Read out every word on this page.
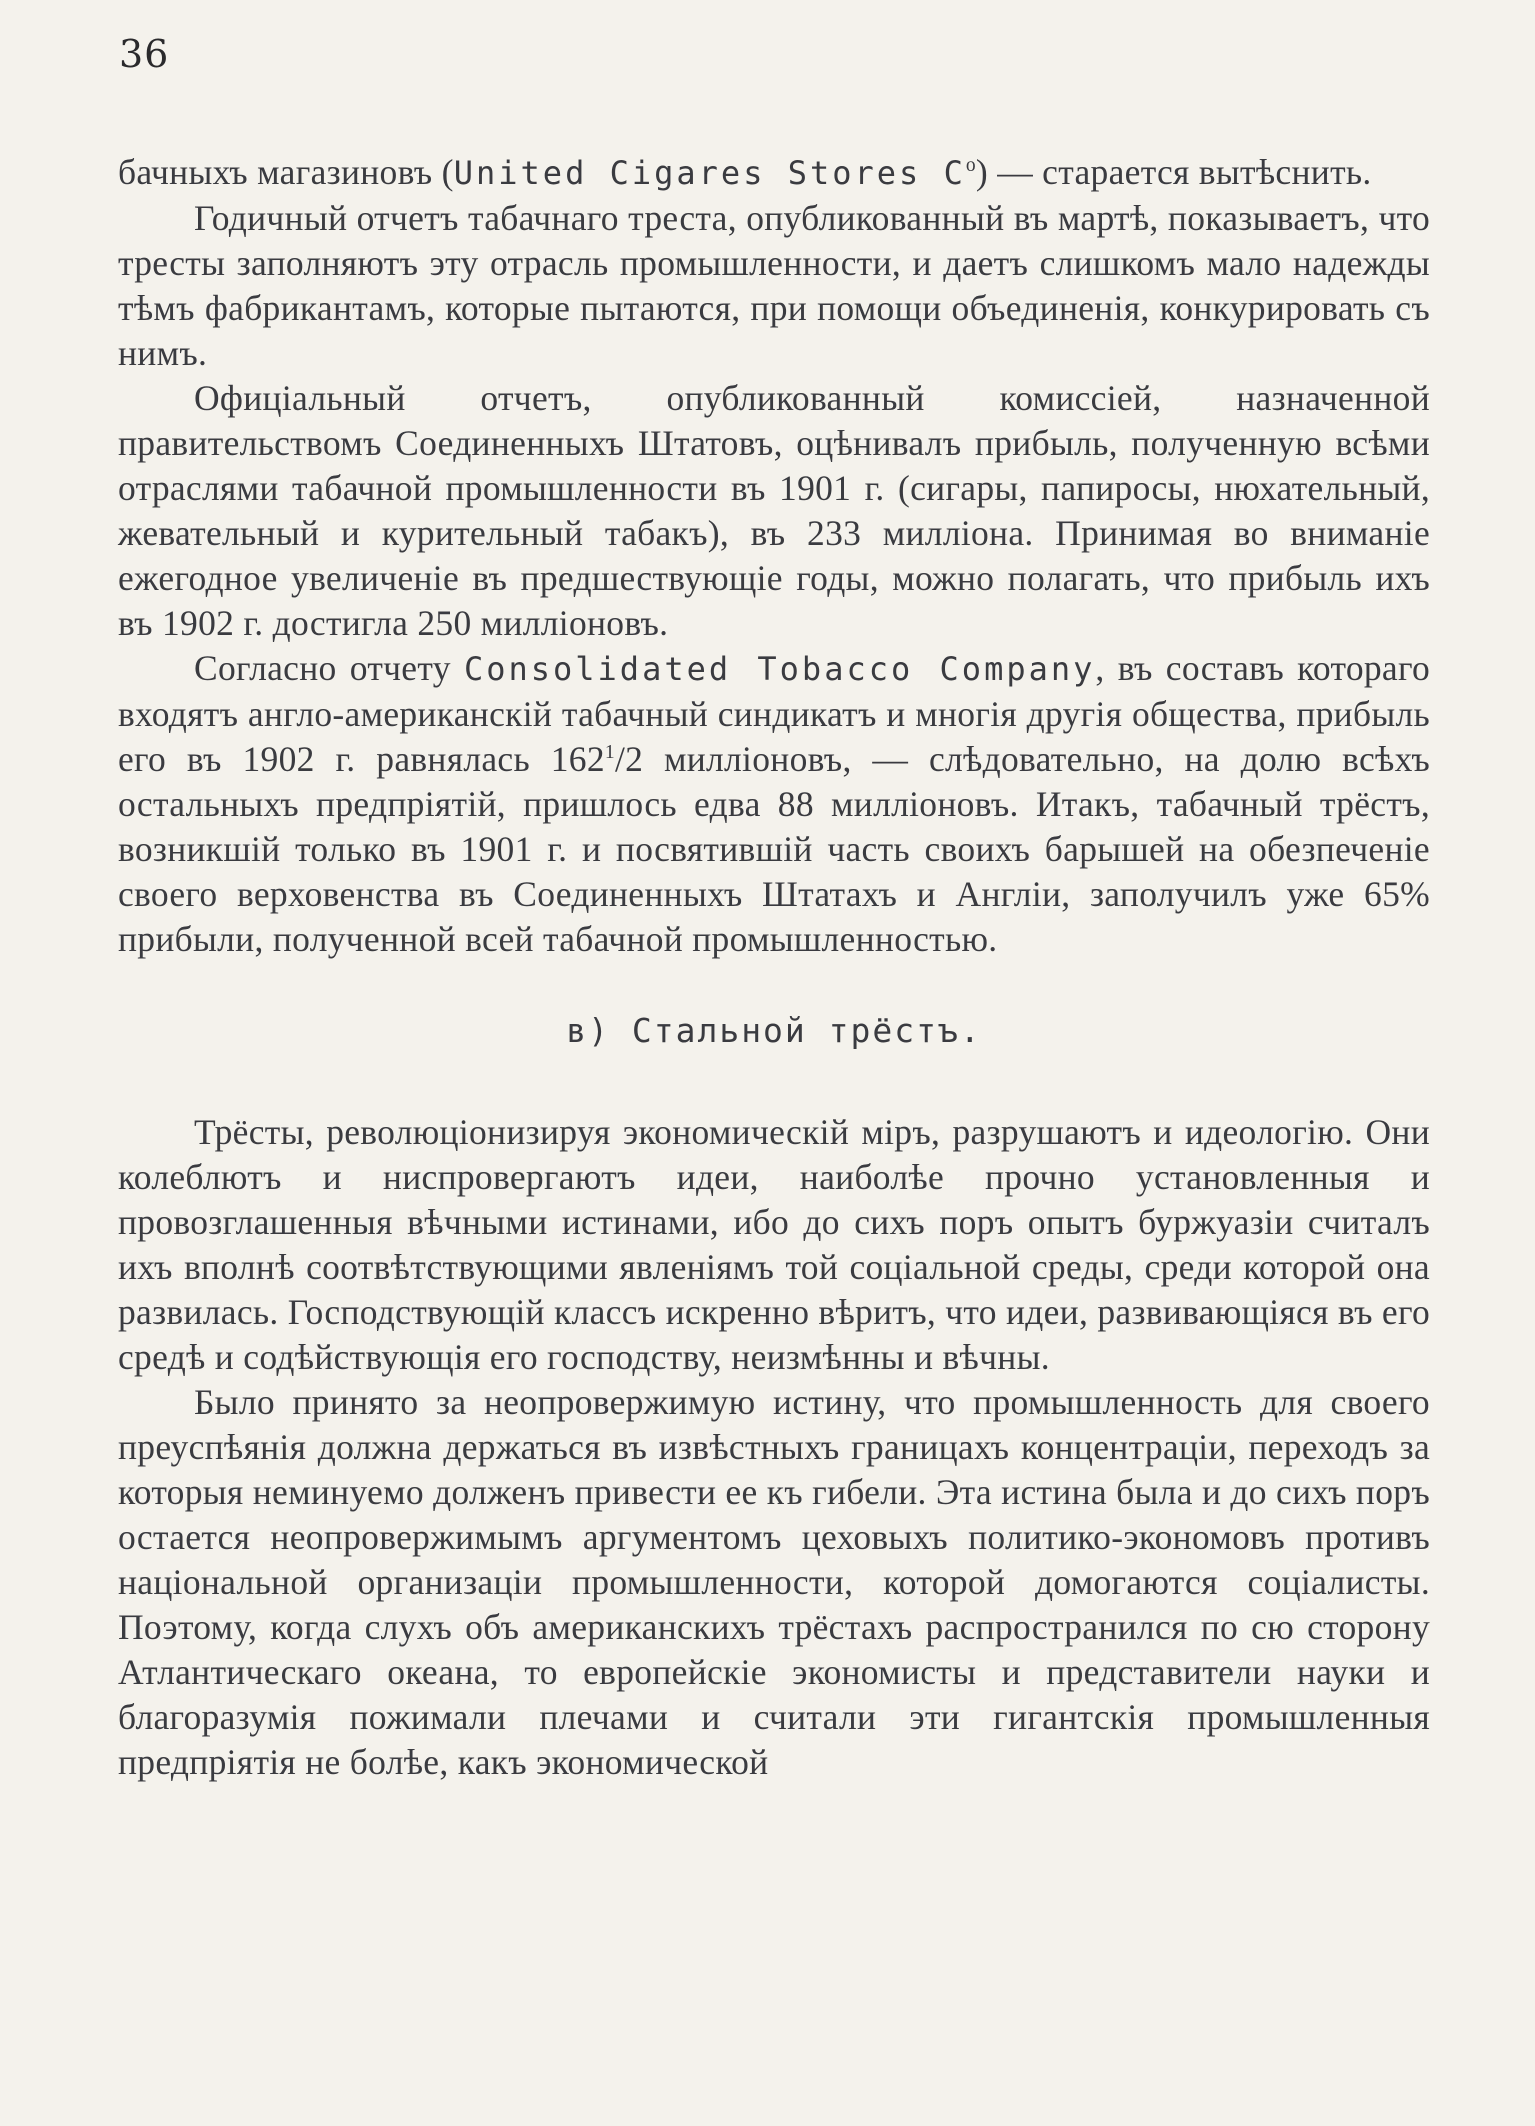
36

бачныхъ магазиновъ (United Cigares Stores $C^o$) — старается вытѣснить.

Годичный отчетъ табачнаго треста, опубликованный въ мартѣ, показываетъ, что тресты заполняютъ эту отрасль промышленности, и даетъ слишкомъ мало надежды тѣмъ фабрикантамъ, которые пытаются, при помощи объединенія, конкурировать съ нимъ.

Офиціальный отчетъ, опубликованный комиссіей, назначенной правительствомъ Соединенныхъ Штатовъ, оцѣнивалъ прибыль, полученную всѣми отраслями табачной промышленности въ 1901 г. (сигары, папиросы, нюхательный, жевательный и курительный табакъ), въ 233 милліона. Принимая во вниманіе ежегодное увеличеніе въ предшествующіе годы, можно полагать, что прибыль ихъ въ 1902 г. достигла 250 милліоновъ.

Согласно отчету Consolidated Tobacco Company, въ составъ котораго входятъ англо-американскій табачный синдикатъ и многія другія общества, прибыль его въ 1902 г. равнялась $162^1/2$ милліоновъ, — слѣдовательно, на долю всѣхъ остальныхъ предпріятій, пришлось едва 88 милліоновъ. Итакъ, табачный трёстъ, возникшій только въ 1901 г. и посвятившій часть своихъ барышей на обезпеченіе своего верховенства въ Соединенныхъ Штатахъ и Англіи, заполучилъ уже 65% прибыли, полученной всей табачной промышленностью.

в) Стальной трёстъ.

Трёсты, революціонизируя экономическій міръ, разрушаютъ и идеологію. Они колеблютъ и ниспровергаютъ идеи, наиболѣе прочно установленныя и провозглашенныя вѣчными истинами, ибо до сихъ поръ опытъ буржуазіи считалъ ихъ вполнѣ соотвѣтствующими явленіямъ той соціальной среды, среди которой она развилась. Господствующій классъ искренно вѣритъ, что идеи, развивающіяся въ его средѣ и содѣйствующія его господству, неизмѣнны и вѣчны.

Было принято за неопровержимую истину, что промышленность для своего преуспѣянія должна держаться въ извѣстныхъ границахъ концентраціи, переходъ за которыя неминуемо долженъ привести ее къ гибели. Эта истина была и до сихъ поръ остается неопровержимымъ аргументомъ цеховыхъ политико-экономовъ противъ національной организаціи промышленности, которой домогаются соціалисты. Поэтому, когда слухъ объ американскихъ трёстахъ распространился по сю сторону Атлантическаго океана, то европейскіе экономисты и представители науки и благоразумія пожимали плечами и считали эти гигантскія промышленныя предпріятія не болѣе, какъ экономической
